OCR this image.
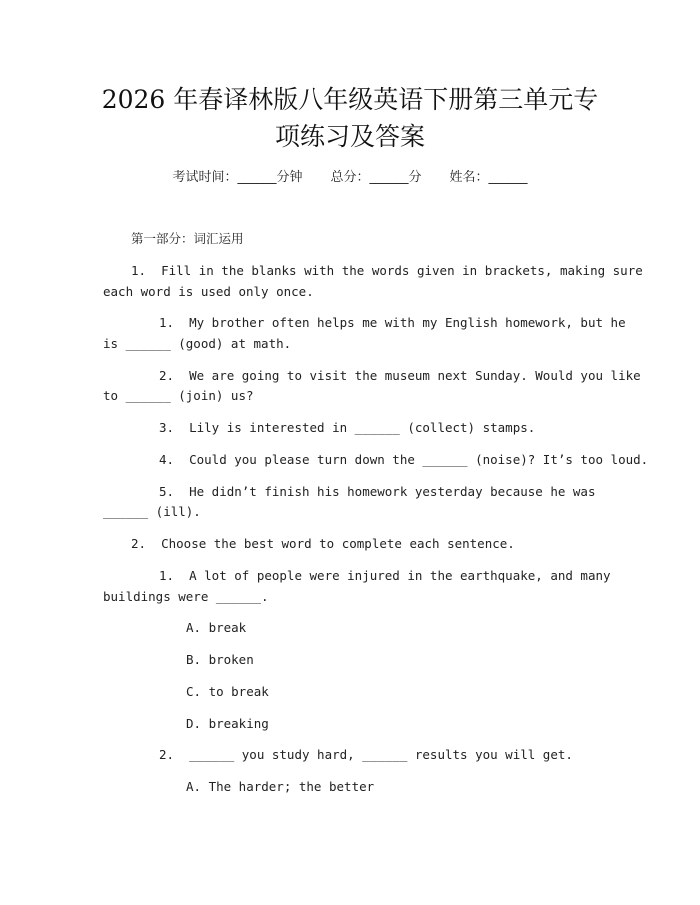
2026 年春译林版八年级英语下册第三单元专
项练习及答案
考试时间：______分钟 总分：______分 姓名：______
第一部分：词汇运用
1.  Fill in the blanks with the words given in brackets, making sure
each word is used only once.
1.  My brother often helps me with my English homework, but he
is ______ (good) at math.
2.  We are going to visit the museum next Sunday. Would you like
to ______ (join) us?
3.  Lily is interested in ______ (collect) stamps.
4.  Could you please turn down the ______ (noise)? It’s too loud.
5.  He didn’t finish his homework yesterday because he was
______ (ill).
2.  Choose the best word to complete each sentence.
1.  A lot of people were injured in the earthquake, and many
buildings were ______.
A. break
B. broken
C. to break
D. breaking
2.  ______ you study hard, ______ results you will get.
A. The harder; the better
